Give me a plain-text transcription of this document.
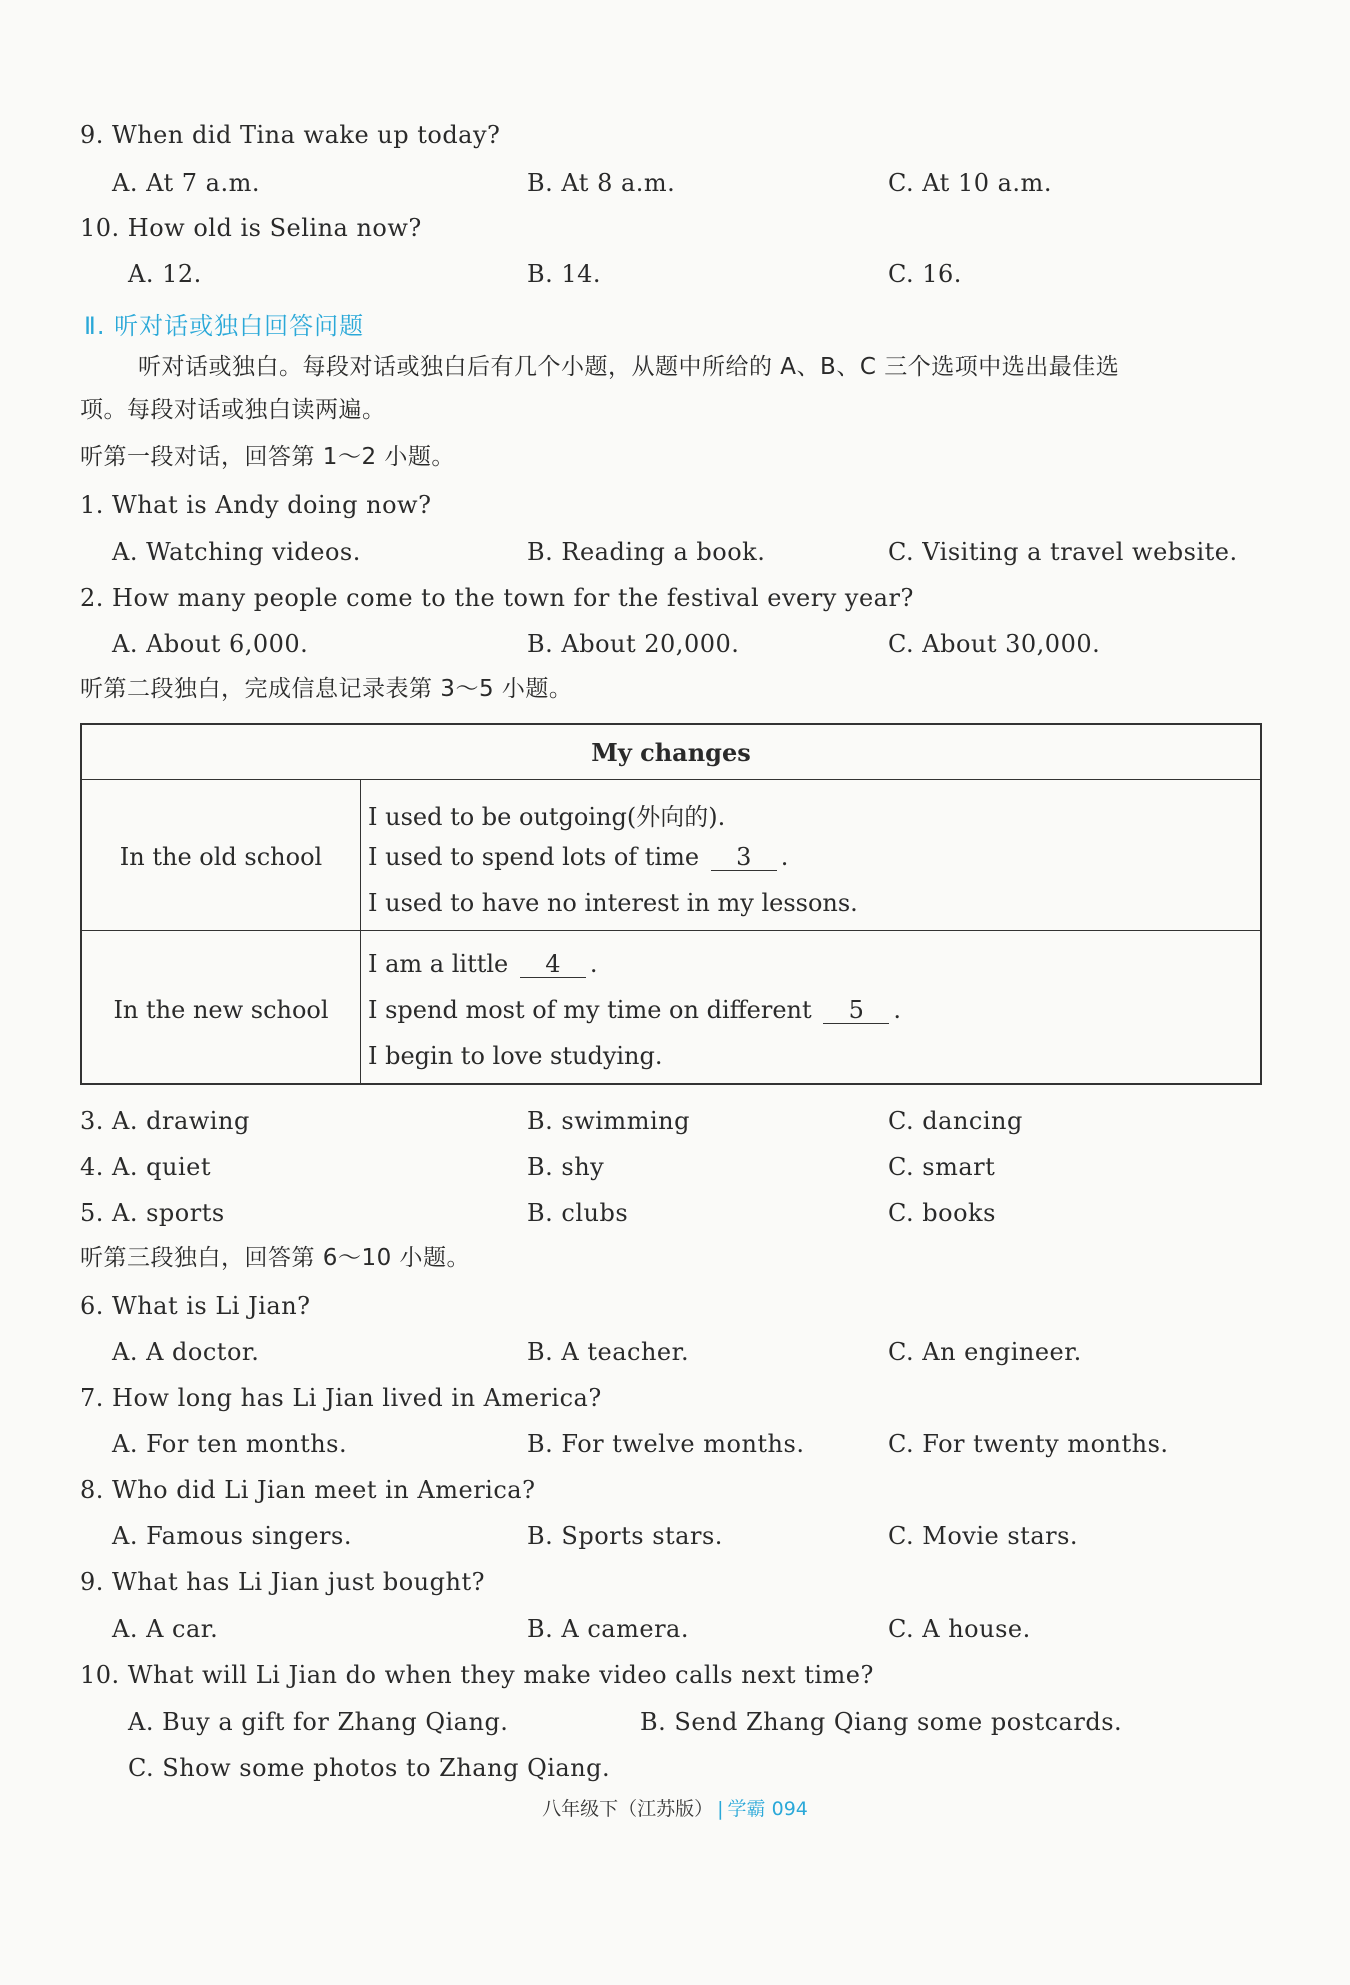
9. When did Tina wake up today?
A. At 7 a.m.	B. At 8 a.m.	C. At 10 a.m.
10. How old is Selina now?
A. 12.	B. 14.	C. 16.
Ⅱ. 听对话或独白回答问题
听对话或独白。每段对话或独白后有几个小题，从题中所给的 A、B、C 三个选项中选出最佳选
项。每段对话或独白读两遍。
听第一段对话，回答第 1～2 小题。
1. What is Andy doing now?
A. Watching videos.	B. Reading a book.	C. Visiting a travel website.
2. How many people come to the town for the festival every year?
A. About 6,000.	B. About 20,000.	C. About 30,000.
听第二段独白，完成信息记录表第 3～5 小题。
My changes
In the old school
I used to be outgoing(外向的).
I used to spend lots of time 3 .
I used to have no interest in my lessons.
In the new school
I am a little 4 .
I spend most of my time on different 5 .
I begin to love studying.
3. A. drawing	B. swimming	C. dancing
4. A. quiet	B. shy	C. smart
5. A. sports	B. clubs	C. books
听第三段独白，回答第 6～10 小题。
6. What is Li Jian?
A. A doctor.	B. A teacher.	C. An engineer.
7. How long has Li Jian lived in America?
A. For ten months.	B. For twelve months.	C. For twenty months.
8. Who did Li Jian meet in America?
A. Famous singers.	B. Sports stars.	C. Movie stars.
9. What has Li Jian just bought?
A. A car.	B. A camera.	C. A house.
10. What will Li Jian do when they make video calls next time?
A. Buy a gift for Zhang Qiang.	B. Send Zhang Qiang some postcards.
C. Show some photos to Zhang Qiang.
八年级下（江苏版） | 学霸 094
